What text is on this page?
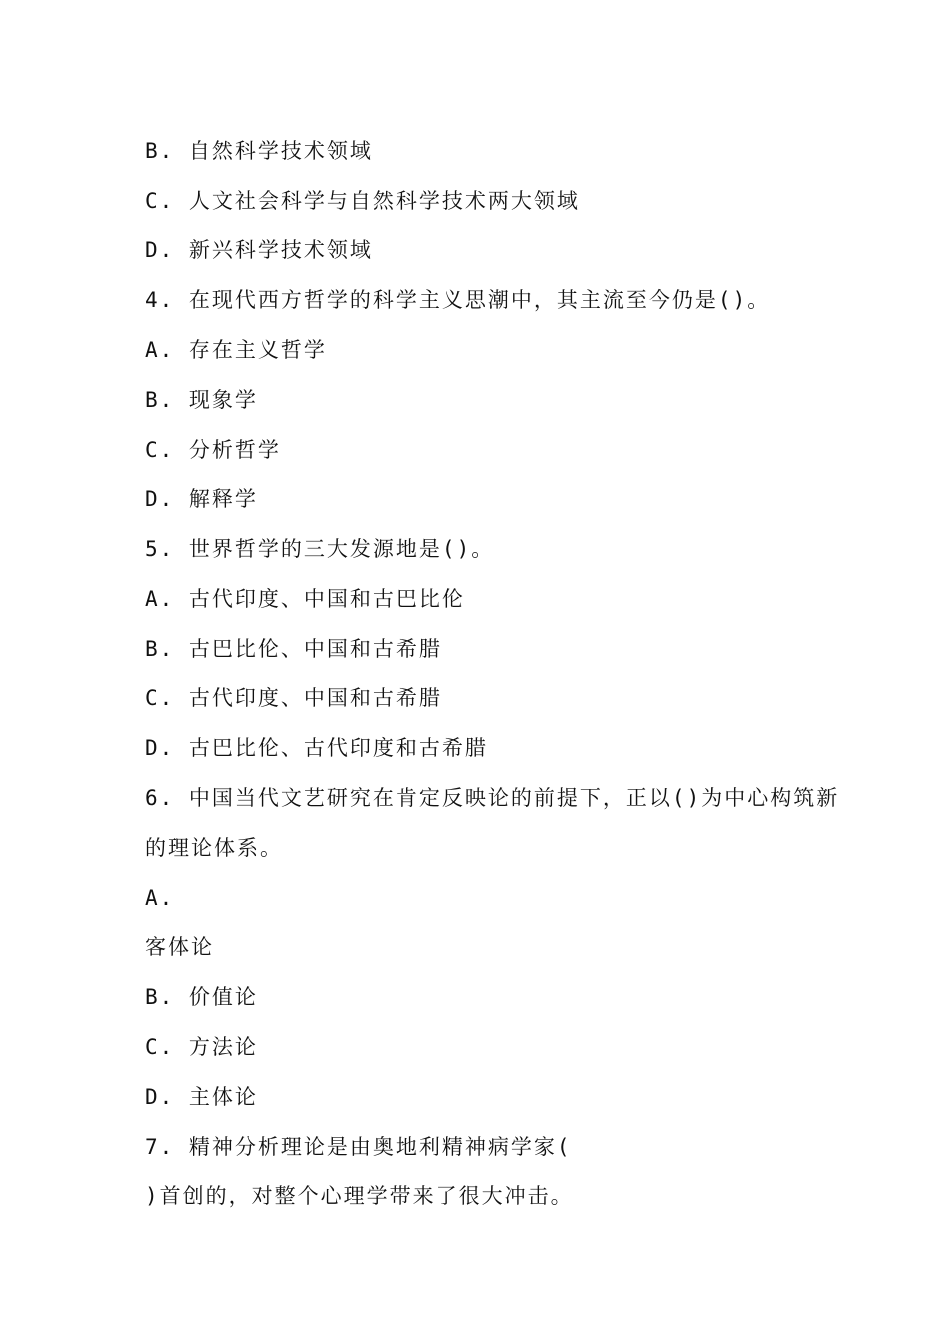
B. 自然科学技术领域
C. 人文社会科学与自然科学技术两大领域
D. 新兴科学技术领域
4. 在现代西方哲学的科学主义思潮中，其主流至今仍是()。
A. 存在主义哲学
B. 现象学
C. 分析哲学
D. 解释学
5. 世界哲学的三大发源地是()。
A. 古代印度、中国和古巴比伦
B. 古巴比伦、中国和古希腊
C. 古代印度、中国和古希腊
D. 古巴比伦、古代印度和古希腊
6. 中国当代文艺研究在肯定反映论的前提下，正以()为中心构筑新
的理论体系。
A.
客体论
B. 价值论
C. 方法论
D. 主体论
7. 精神分析理论是由奥地利精神病学家(
)首创的，对整个心理学带来了很大冲击。
